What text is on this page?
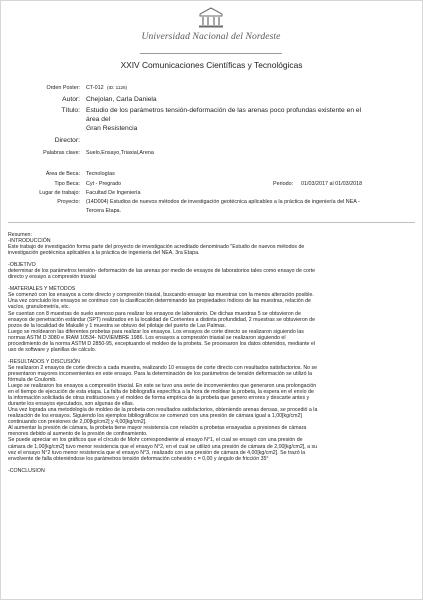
Universidad Nacional del Nordeste
XXIV Comunicaciones Científicas y Tecnológicas
Orden Poster: CT-012 (ID: 1126)
Autor: Chejolan, Carla Daniela
Título: Estudio de los parámetros tensión-deformación de las arenas poco profundas existente en el
área del
Gran Resistencia
Director:
Palabras clave: Suelo,Ensayo,Triaxial,Arena
Área de Beca: Tecnologías
Tipo Beca: Cyt - Pregrado	Periodo: 01/03/2017 al 01/03/2018
Lugar de trabajo: Facultad De Ingeniería
Proyecto: (14D004) Estudios de nuevos métodos de investigación geotécnica aplicables a la práctica de ingeniería del NEA -
Tercera Etapa.

Resumen:

-INTRODUCCIÓN

Este trabajo de investigación forma parte del proyecto de investigación acreditado denominado "Estudio de nuevos métodos de

investigación geotécnica aplicables a la práctica de ingeniería del NEA. 3ra Etapa.

-OBJETIVO

determinar de los parámetros tensión- deformación de las arenas por medio de ensayos de laboratorios tales como ensayo de corte

directo y ensayo a compresión triaxial

-MATERIALES Y MÉTODOS

Se comenzó con los ensayos a corte directo y compresión triaxial, buscando ensayar las muestras con la menos alteración posible.

Una vez concluido los ensayos se continuo con la clasificación determinando las propiedades índices de las muestras, relación de

vacíos, granulometría, etc.

Se cuentan con 8 muestras de suelo arenoso para realizar los ensayos de laboratorio. De dichas muestras 5 se obtuvieron de

ensayos de penetración estándar (SPT) realizados en la localidad de Corrientes a distinta profundidad, 2 muestras se obtuvieron de

pozos de la localidad de Makallé y 1 muestra se obtuvo del pilotaje del puerto de Las Palmas.

Luego se moldearon las diferentes probetas para realizar los ensayos. Los ensayos de corte directo se realizaron siguiendo las

normas ASTM D 3080 e IRAM 10534- NOVIEMBRE 1986. Los ensayos a compresión triaxial se realizaron siguiendo el

procedimiento de la norma ASTM D 2850-95, exceptuando el moldeo de la probeta. Se procesaron los datos obtenidos, mediante el

uso de software y planillas de cálculo.

-RESULTADOS Y DISCUSIÓN

Se realizaron 2 ensayos de corte directo a cada muestra, realizando 10 ensayos de corte directo con resultados satisfactorios. No se

presentaron mayores inconvenientes en este ensayo. Para la determinación de los parámetros de tensión deformación se utilizó la

fórmula de Coulomb.

Luego se realizaron los ensayos a compresión triaxial. En este se tuvo una serie de inconvenientes que generaron una prolongación

en el tiempo de ejecución de esta etapa. La falta de bibliografía específica a la hora de moldear la probeta, la espera en el envío de

la información solicitada de otras instituciones y el moldeo de forma empírica de la probeta que genero errores y descarte antes y

durante los ensayos ejecutados, son algunas de ellas.

Una vez lograda una metodología de moldeo de la probeta con resultados satisfactorios, obteniendo arenas densas, se procedió a la

realización de los ensayos. Siguiendo los ejemplos bibliográficos se comenzó con una presión de cámara igual a 1,00[kg/cm2]

continuando con presiones de 2,00[kg/cm2] y 4,00[kg/cm2].

Al aumentar la presión de cámara, la probeta tiene mayor resistencia con relación a probetas ensayadas a presiones de cámara

menores debido al aumento de la presión de confinamiento.

Se puede apreciar en los gráficos que el círculo de Mohr correspondiente al ensayo N°1, el cual se ensayó con una presión de

cámara de 1,00[kg/cm2] tuvo menor resistencia que el ensayo N°2, en el cual se utilizó una presión de cámara de 2,00[kg/cm2], a su

vez el ensayo N°2 tuvo menor resistencia que el ensayo N°3, realizado con una presión de cámara de 4,00[kg/cm2]. Se trazó la

envolvente de falla obteniéndose los parámetros tensión deformación cohesión c = 0,00 y ángulo de fricción 35°

-CONCLUSION
